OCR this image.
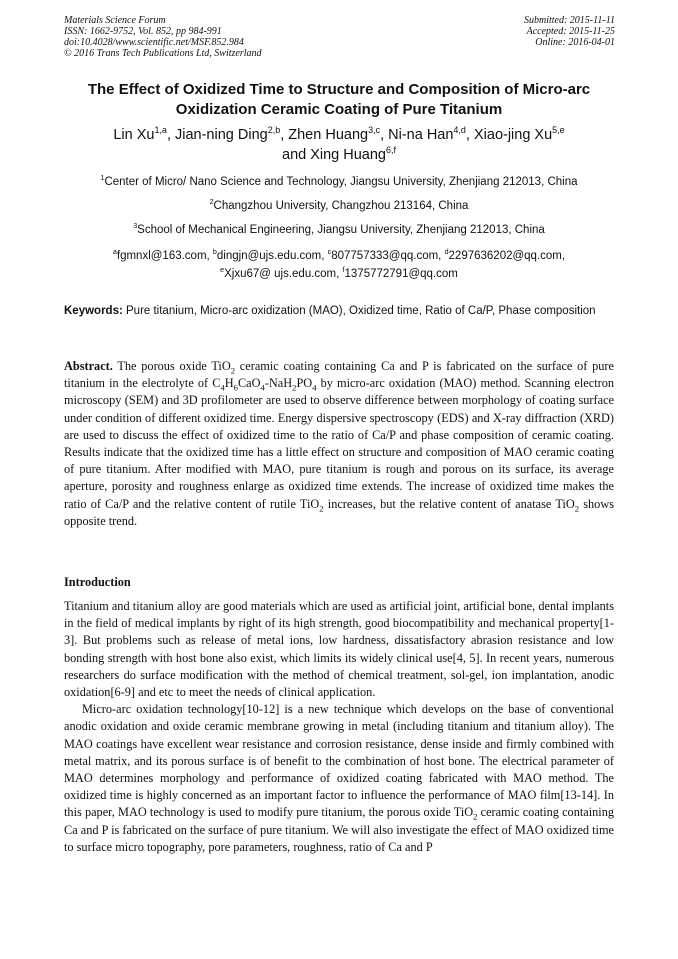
Materials Science Forum
ISSN: 1662-9752, Vol. 852, pp 984-991
doi:10.4028/www.scientific.net/MSF.852.984
© 2016 Trans Tech Publications Ltd, Switzerland
Submitted: 2015-11-11
Accepted: 2015-11-25
Online: 2016-04-01
The Effect of Oxidized Time to Structure and Composition of Micro-arc
Oxidization Ceramic Coating of Pure Titanium
Lin Xu$^{1,a}$, Jian-ning Ding$^{2,b}$, Zhen Huang$^{3,c}$, Ni-na Han$^{4,d}$, Xiao-jing Xu$^{5,e}$
and Xing Huang$^{6,f}$
$^1$Center of Micro/ Nano Science and Technology, Jiangsu University, Zhenjiang 212013, China
$^2$Changzhou University, Changzhou 213164, China
$^3$School of Mechanical Engineering, Jiangsu University, Zhenjiang 212013, China
$^a$fgmnxl@163.com, $^b$dingjn@ujs.edu.com, $^c$807757333@qq.com, $^d$2297636202@qq.com,
$^e$Xjxu67@ ujs.edu.com, $^f$1375772791@qq.com
Keywords: Pure titanium, Micro-arc oxidization (MAO), Oxidized time, Ratio of Ca/P, Phase composition
Abstract. The porous oxide TiO$_2$ ceramic coating containing Ca and P is fabricated on the surface of pure titanium in the electrolyte of $C_4H_6CaO_4-NaH_2PO_4$ by micro-arc oxidation (MAO) method. Scanning electron microscopy (SEM) and 3D profilometer are used to observe difference between morphology of coating surface under condition of different oxidized time. Energy dispersive spectroscopy (EDS) and X-ray diffraction (XRD) are used to discuss the effect of oxidized time to the ratio of Ca/P and phase composition of ceramic coating. Results indicate that the oxidized time has a little effect on structure and composition of MAO ceramic coating of pure titanium. After modified with MAO, pure titanium is rough and porous on its surface, its average aperture, porosity and roughness enlarge as oxidized time extends. The increase of oxidized time makes the ratio of Ca/P and the relative content of rutile TiO$_2$ increases, but the relative content of anatase TiO$_2$ shows opposite trend.
Introduction

Titanium and titanium alloy are good materials which are used as artificial joint, artificial bone, dental implants in the field of medical implants by right of its high strength, good biocompatibility and mechanical property[1-3]. But problems such as release of metal ions, low hardness, dissatisfactory abrasion resistance and low bonding strength with host bone also exist, which limits its widely clinical use[4, 5]. In recent years, numerous researchers do surface modification with the method of chemical treatment, sol-gel, ion implantation, anodic oxidation[6-9] and etc to meet the needs of clinical application.

Micro-arc oxidation technology[10-12] is a new technique which develops on the base of conventional anodic oxidation and oxide ceramic membrane growing in metal (including titanium and titanium alloy). The MAO coatings have excellent wear resistance and corrosion resistance, dense inside and firmly combined with metal matrix, and its porous surface is of benefit to the combination of host bone. The electrical parameter of MAO determines morphology and performance of oxidized coating fabricated with MAO method. The oxidized time is highly concerned as an important factor to influence the performance of MAO film[13-14]. In this paper, MAO technology is used to modify pure titanium, the porous oxide TiO$_2$ ceramic coating containing Ca and P is fabricated on the surface of pure titanium. We will also investigate the effect of MAO oxidized time to surface micro topography, pore parameters, roughness, ratio of Ca and P
